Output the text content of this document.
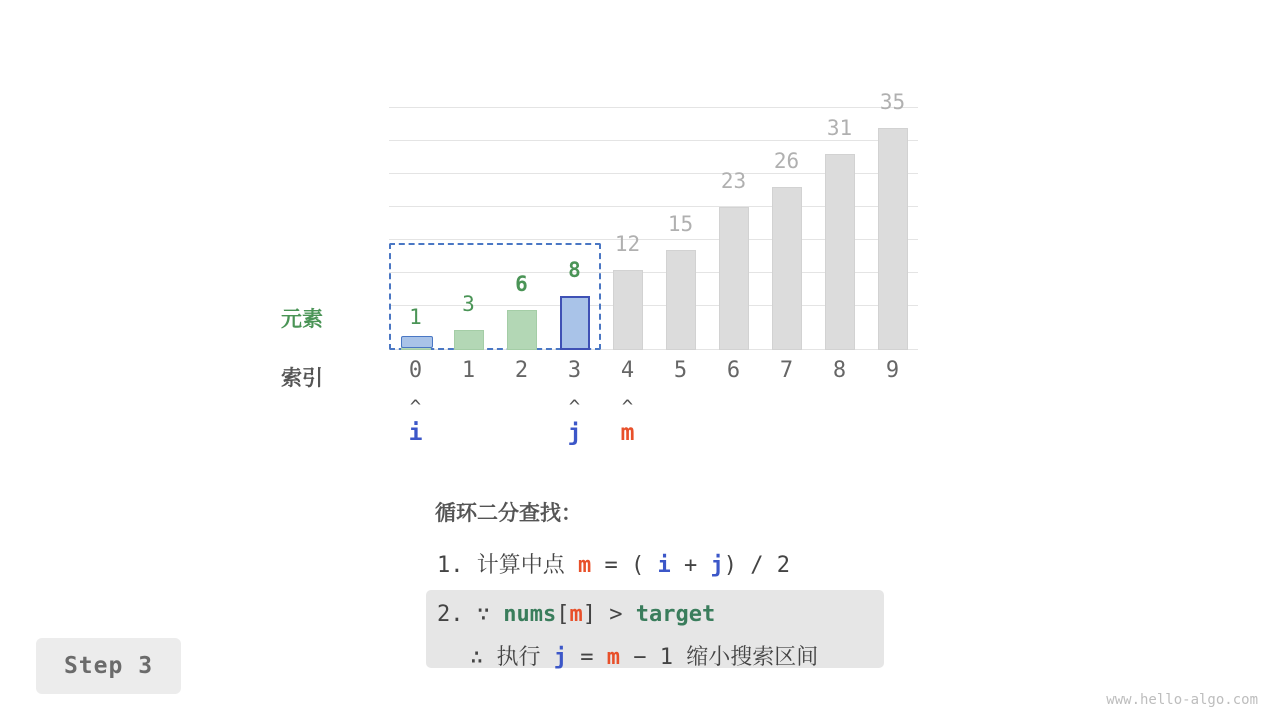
1
3
6
8
12
15
23
26
31
35
元素
索引	0	1	2	3	4	5	6	7	8	9
^
i
^
j
^
m
循环二分查找：
1. 计算中点 m = ( i + j) / 2
2. ∵ nums[m] > target
∴ 执行 j = m − 1 缩小搜索区间
Step 3
www.hello-algo.com
